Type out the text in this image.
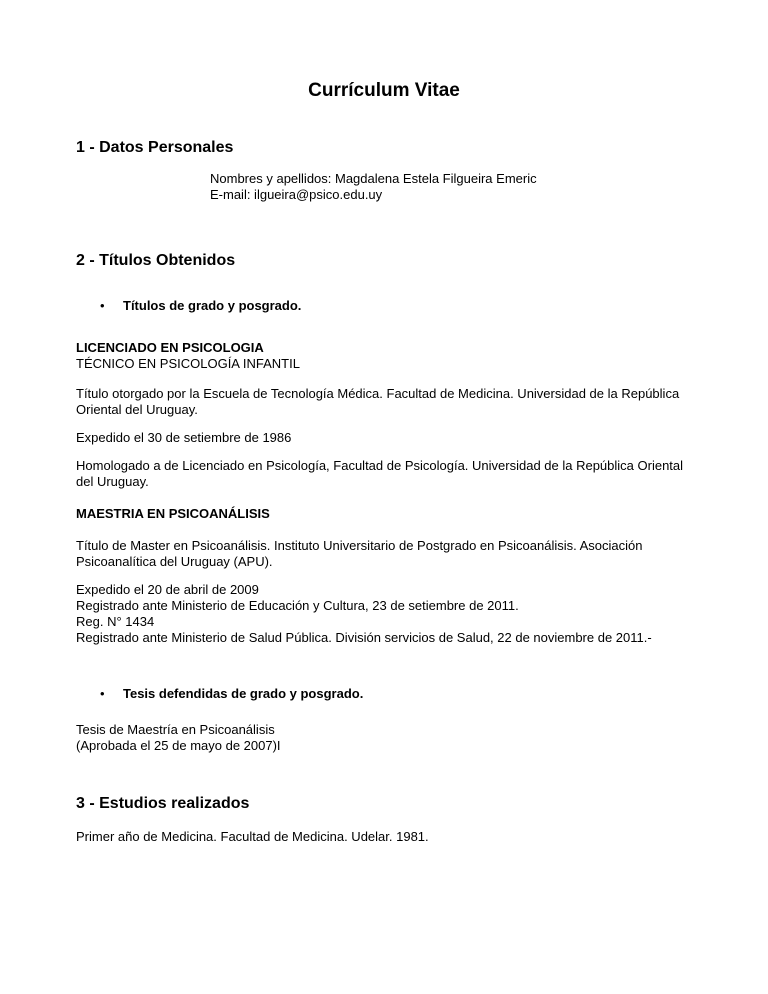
Currículum Vitae
1 - Datos Personales

Nombres y apellidos: Magdalena Estela Filgueira Emeric

E-mail: ilgueira@psico.edu.uy

2 - Títulos Obtenidos
•	Títulos de grado y posgrado.

LICENCIADO EN PSICOLOGIA

TÉCNICO EN PSICOLOGÍA INFANTIL

Título otorgado por la Escuela de Tecnología Médica. Facultad de Medicina. Universidad de la República Oriental del Uruguay.

Expedido el 30 de setiembre de 1986

Homologado a de Licenciado en Psicología, Facultad de Psicología. Universidad de la República Oriental del Uruguay.

MAESTRIA EN PSICOANÁLISIS

Título de Master en Psicoanálisis. Instituto Universitario de Postgrado en Psicoanálisis. Asociación Psicoanalítica del Uruguay (APU).

Expedido el 20 de abril de 2009

Registrado ante Ministerio de Educación y Cultura, 23 de setiembre de 2011.

Reg. N° 1434

Registrado ante Ministerio de Salud Pública. División servicios de Salud, 22 de noviembre de 2011.-

•	Tesis defendidas de grado y posgrado.

Tesis de Maestría en Psicoanálisis

(Aprobada el 25 de mayo de 2007)I

3 - Estudios realizados

Primer año de Medicina. Facultad de Medicina. Udelar. 1981.
